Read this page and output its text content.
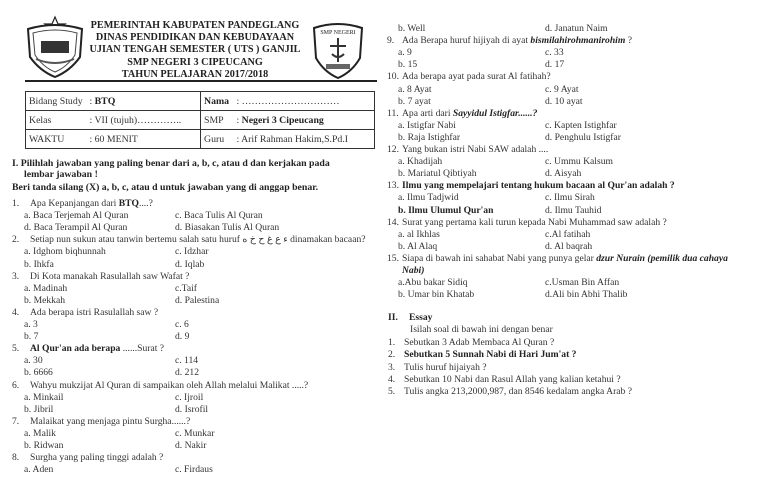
SMP NEGERI
PEMERINTAH KABUPATEN PANDEGLANG
DINAS PENDIDIKAN DAN KEBUDAYAAN
UJIAN TENGAH SEMESTER ( UTS ) GANJIL
SMP NEGERI 3 CIPEUCANG
TAHUN PELAJARAN 2017/2018
Bidang Study : BTQ	Nama : …………………………
Kelas : VII (tujuh)…………..	SMP : Negeri 3 Cipeucang
WAKTU : 60 MENIT	Guru : Arif Rahman Hakim,S.Pd.I
I. Pilihlah jawaban yang paling benar dari a, b, c, atau d dan kerjakan pada
lembar jawaban !
Beri tanda silang (X) a, b, c, atau d untuk jawaban yang di anggap benar.
1. Apa Kepanjangan dari BTQ....?
a. Baca Terjemah Al Quran	c. Baca Tulis Al Quran
d. Baca Terampil Al Quran	d. Biasakan Tulis Al Quran
2. Setiap nun sukun atau tanwin bertemu salah satu huruf ء ع غ ح خ ه dinamakan bacaan?
a. Idghom biqhunnah	c. Idzhar
b. Ihkfa	d. Iqlab
3. Di Kota manakah Rasulallah saw Wafat ?
a. Madinah	c.Taif
b. Mekkah	d. Palestina
4. Ada berapa istri Rasulallah saw ?
a. 3	c. 6
b. 7	d. 9
5. Al Qur'an ada berapa ......Surat ?
a. 30	c. 114
b. 6666	d. 212
6. Wahyu mukzijat Al Quran di sampaikan oleh Allah melalui Malikat .....?
a. Minkail	c. Ijroil
b. Jibril	d. Isrofil
7. Malaikat yang menjaga pintu Surgha......?
a. Malik	c. Munkar
b. Ridwan	d. Nakir
8. Surgha yang paling tinggi adalah ?
a. Aden	c. Firdaus
b. Well	d. Janatun Naim
9. Ada Berapa huruf hijiyah di ayat bismilahirohmanirohim ?
a. 9	c. 33
b. 15	d. 17
10. Ada berapa ayat pada surat Al fatihah?
a. 8 Ayat	c. 9 Ayat
b. 7 ayat	d. 10 ayat
11. Apa arti dari Sayyidul Istigfar......?
a. Istigfar Nabi	c. Kapten Istighfar
b. Raja Istighfar	d. Penghulu Istigfar
12. Yang bukan istri Nabi SAW adalah ....
a. Khadijah	c. Ummu Kalsum
b. Mariatul Qibtiyah	d. Aisyah
13. Ilmu yang mempelajari tentang hukum bacaan al Qur'an adalah ?
a. Ilmu Tadjwid	c. Ilmu Sirah
b. Ilmu Ulumul Qur'an	d. Ilmu Tauhid
14. Surat yang pertama kali turun kepada Nabi Muhammad saw adalah ?
a. al Ikhlas	c.Al fatihah
b. Al Alaq	d. Al baqrah
15. Siapa di bawah ini sahabat Nabi yang punya gelar dzur Nurain (pemilik dua cahaya
Nabi)
a.Abu bakar Sidiq	c.Usman Bin Affan
b. Umar bin Khatab	d.Ali bin Abhi Thalib
II. Essay
Isilah soal di bawah ini dengan benar
1. Sebutkan 3 Adab Membaca Al Quran ?
2. Sebutkan 5 Sunnah Nabi di Hari Jum'at ?
3. Tulis huruf hijaiyah ?
4. Sebutkan 10 Nabi dan Rasul Allah yang kalian ketahui ?
5. Tulis angka 213,2000,987, dan 8546 kedalam angka Arab ?
